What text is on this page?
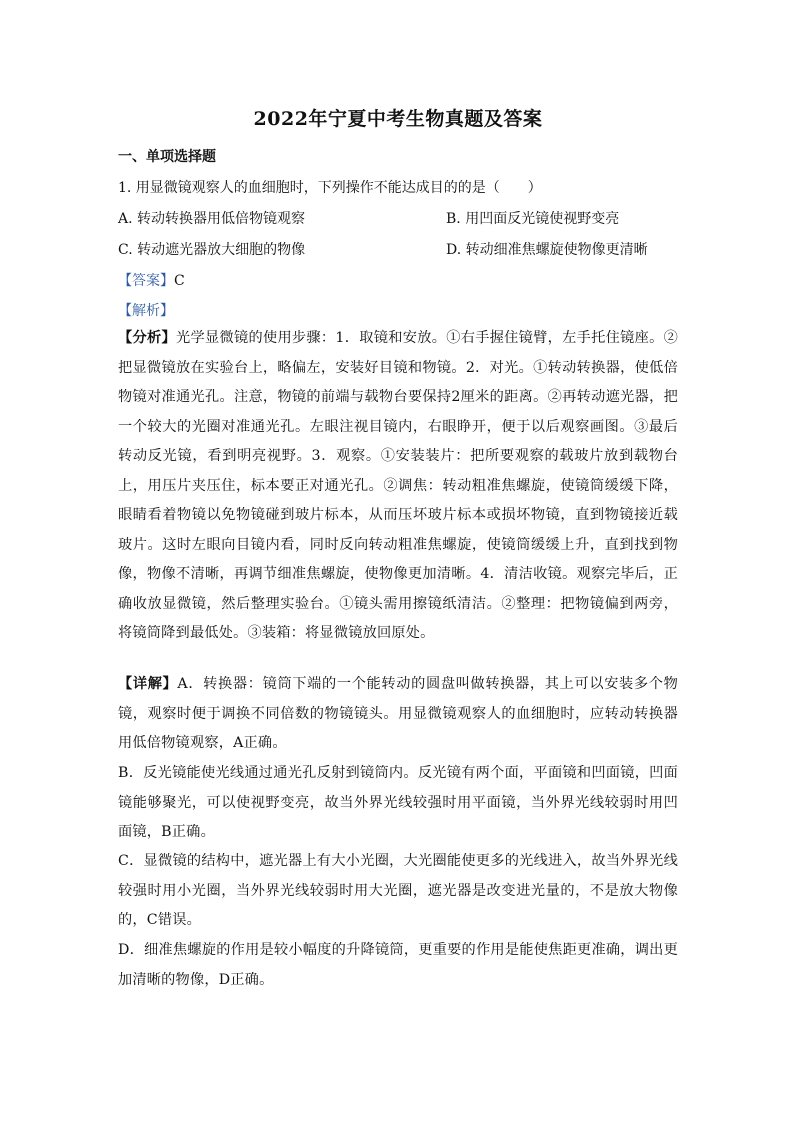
2022年宁夏中考生物真题及答案
一、单项选择题
1. 用显微镜观察人的血细胞时，下列操作不能达成目的的是（　　）
A. 转动转换器用低倍物镜观察	B. 用凹面反光镜使视野变亮
C. 转动遮光器放大细胞的物像	D. 转动细准焦螺旋使物像更清晰
【答案】C
【解析】
【分析】光学显微镜的使用步骤：1．取镜和安放。①右手握住镜臂，左手托住镜座。②把显微镜放在实验台上，略偏左，安装好目镜和物镜。2．对光。①转动转换器，使低倍物镜对准通光孔。注意，物镜的前端与载物台要保持2厘米的距离。②再转动遮光器，把一个较大的光圈对准通光孔。左眼注视目镜内，右眼睁开，便于以后观察画图。③最后转动反光镜，看到明亮视野。3．观察。①安装装片：把所要观察的载玻片放到载物台上，用压片夹压住，标本要正对通光孔。②调焦：转动粗准焦螺旋，使镜筒缓缓下降，眼睛看着物镜以免物镜碰到玻片标本，从而压坏玻片标本或损坏物镜，直到物镜接近载玻片。这时左眼向目镜内看，同时反向转动粗准焦螺旋，使镜筒缓缓上升，直到找到物像，物像不清晰，再调节细准焦螺旋，使物像更加清晰。4．清洁收镜。观察完毕后，正确收放显微镜，然后整理实验台。①镜头需用擦镜纸清洁。②整理：把物镜偏到两旁，将镜筒降到最低处。③装箱：将显微镜放回原处。
【详解】A．转换器：镜筒下端的一个能转动的圆盘叫做转换器，其上可以安装多个物镜，观察时便于调换不同倍数的物镜镜头。用显微镜观察人的血细胞时，应转动转换器用低倍物镜观察，A正确。
B．反光镜能使光线通过通光孔反射到镜筒内。反光镜有两个面，平面镜和凹面镜，凹面镜能够聚光，可以使视野变亮，故当外界光线较强时用平面镜，当外界光线较弱时用凹面镜，B正确。
C．显微镜的结构中，遮光器上有大小光圈，大光圈能使更多的光线进入，故当外界光线较强时用小光圈，当外界光线较弱时用大光圈，遮光器是改变进光量的，不是放大物像的，C错误。
D．细准焦螺旋的作用是较小幅度的升降镜筒，更重要的作用是能使焦距更准确，调出更加清晰的物像，D正确。
